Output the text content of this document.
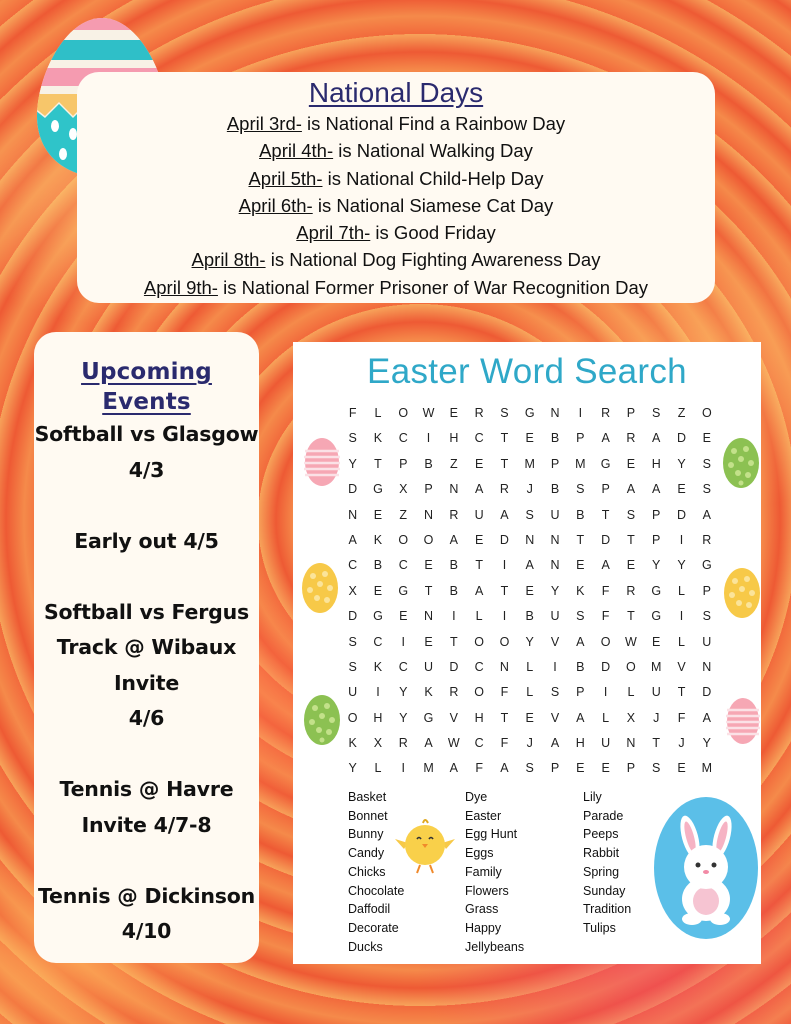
National Days
April 3rd- is National Find a Rainbow Day
April 4th- is National Walking Day
April 5th- is National Child-Help Day
April 6th- is National Siamese Cat Day
April 7th- is Good Friday
April 8th- is National Dog Fighting Awareness Day
April 9th- is National Former Prisoner of War Recognition Day
Upcoming Events
Softball vs Glasgow
4/3
Early out 4/5
Softball vs Fergus
Track @ Wibaux
Invite
4/6
Tennis @ Havre
Invite 4/7-8
Tennis @ Dickinson
4/10
Easter Word Search
F	L	O	W	E	R	S	G	N	I	R	P	S	Z	O
S	K	C	I	H	C	T	E	B	P	A	R	A	D	E
Y	T	P	B	Z	E	T	M	P	M	G	E	H	Y	S
D	G	X	P	N	A	R	J	B	S	P	A	A	E	S
N	E	Z	N	R	U	A	S	U	B	T	S	P	D	A
A	K	O	O	A	E	D	N	N	T	D	T	P	I	R
C	B	C	E	B	T	I	A	N	E	A	E	Y	Y	G
X	E	G	T	B	A	T	E	Y	K	F	R	G	L	P
D	G	E	N	I	L	I	B	U	S	F	T	G	I	S
S	C	I	E	T	O	O	Y	V	A	O	W	E	L	U
S	K	C	U	D	C	N	L	I	B	D	O	M	V	N
U	I	Y	K	R	O	F	L	S	P	I	L	U	T	D
O	H	Y	G	V	H	T	E	V	A	L	X	J	F	A
K	X	R	A	W	C	F	J	A	H	U	N	T	J	Y
Y	L	I	M	A	F	A	S	P	E	E	P	S	E	M
Basket
Bonnet
Bunny
Candy
Chicks
Chocolate
Daffodil
Decorate
Ducks
Dye
Easter
Egg Hunt
Eggs
Family
Flowers
Grass
Happy
Jellybeans
Lily
Parade
Peeps
Rabbit
Spring
Sunday
Tradition
Tulips
